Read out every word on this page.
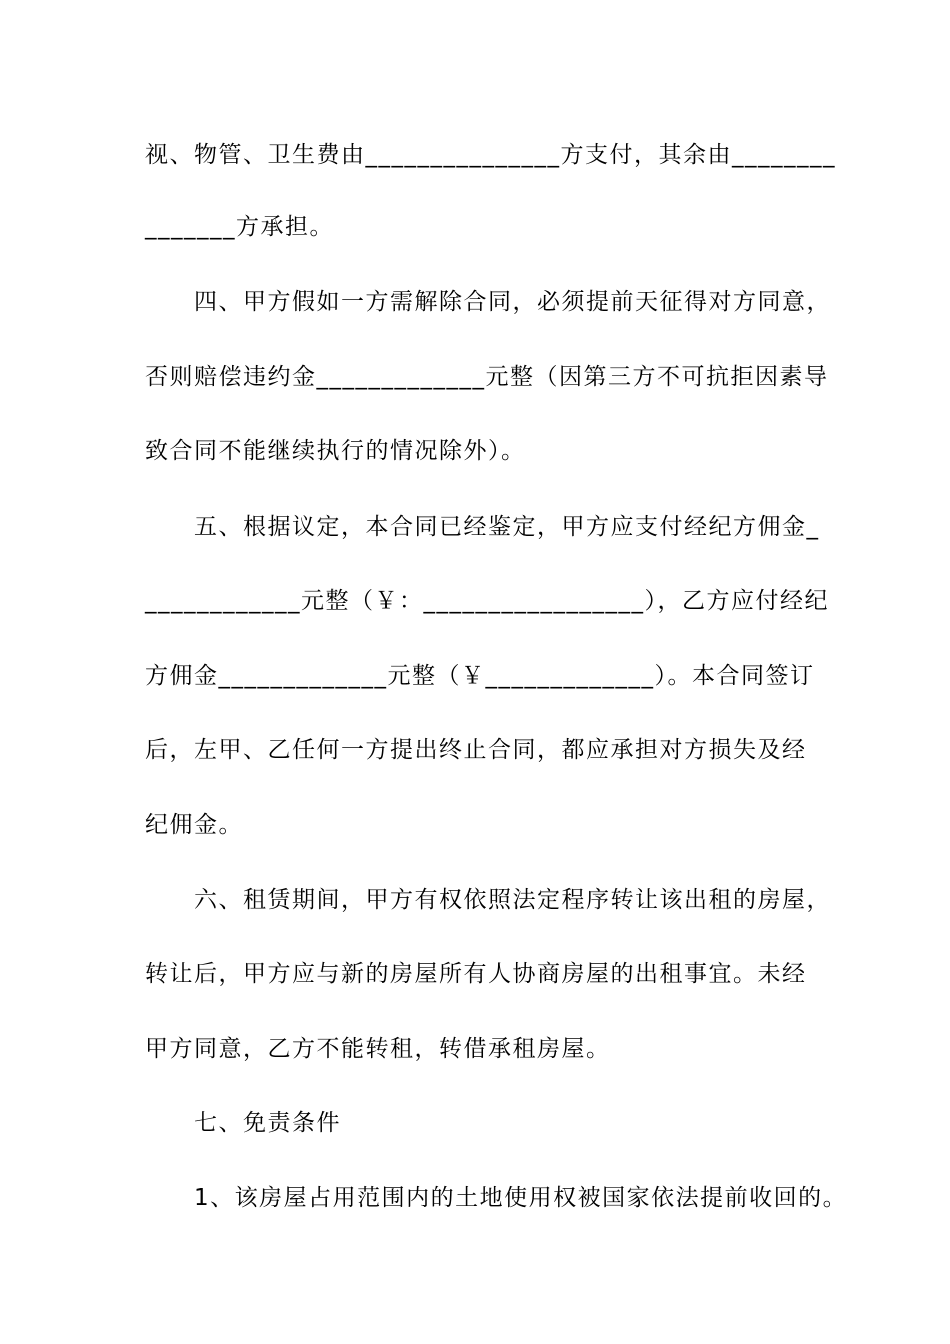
视、物管、卫生费由_______________方支付，其余由________
_______方承担。
四、甲方假如一方需解除合同，必须提前天征得对方同意，
否则赔偿违约金_____________元整（因第三方不可抗拒因素导
致合同不能继续执行的情况除外）。
五、根据议定，本合同已经鉴定，甲方应支付经纪方佣金_
____________元整（￥：_________________），乙方应付经纪
方佣金_____________元整（￥_____________）。本合同签订
后，左甲、乙任何一方提出终止合同，都应承担对方损失及经
纪佣金。
六、租赁期间，甲方有权依照法定程序转让该出租的房屋，
转让后，甲方应与新的房屋所有人协商房屋的出租事宜。未经
甲方同意，乙方不能转租，转借承租房屋。
七、免责条件
1、该房屋占用范围内的土地使用权被国家依法提前收回的。
